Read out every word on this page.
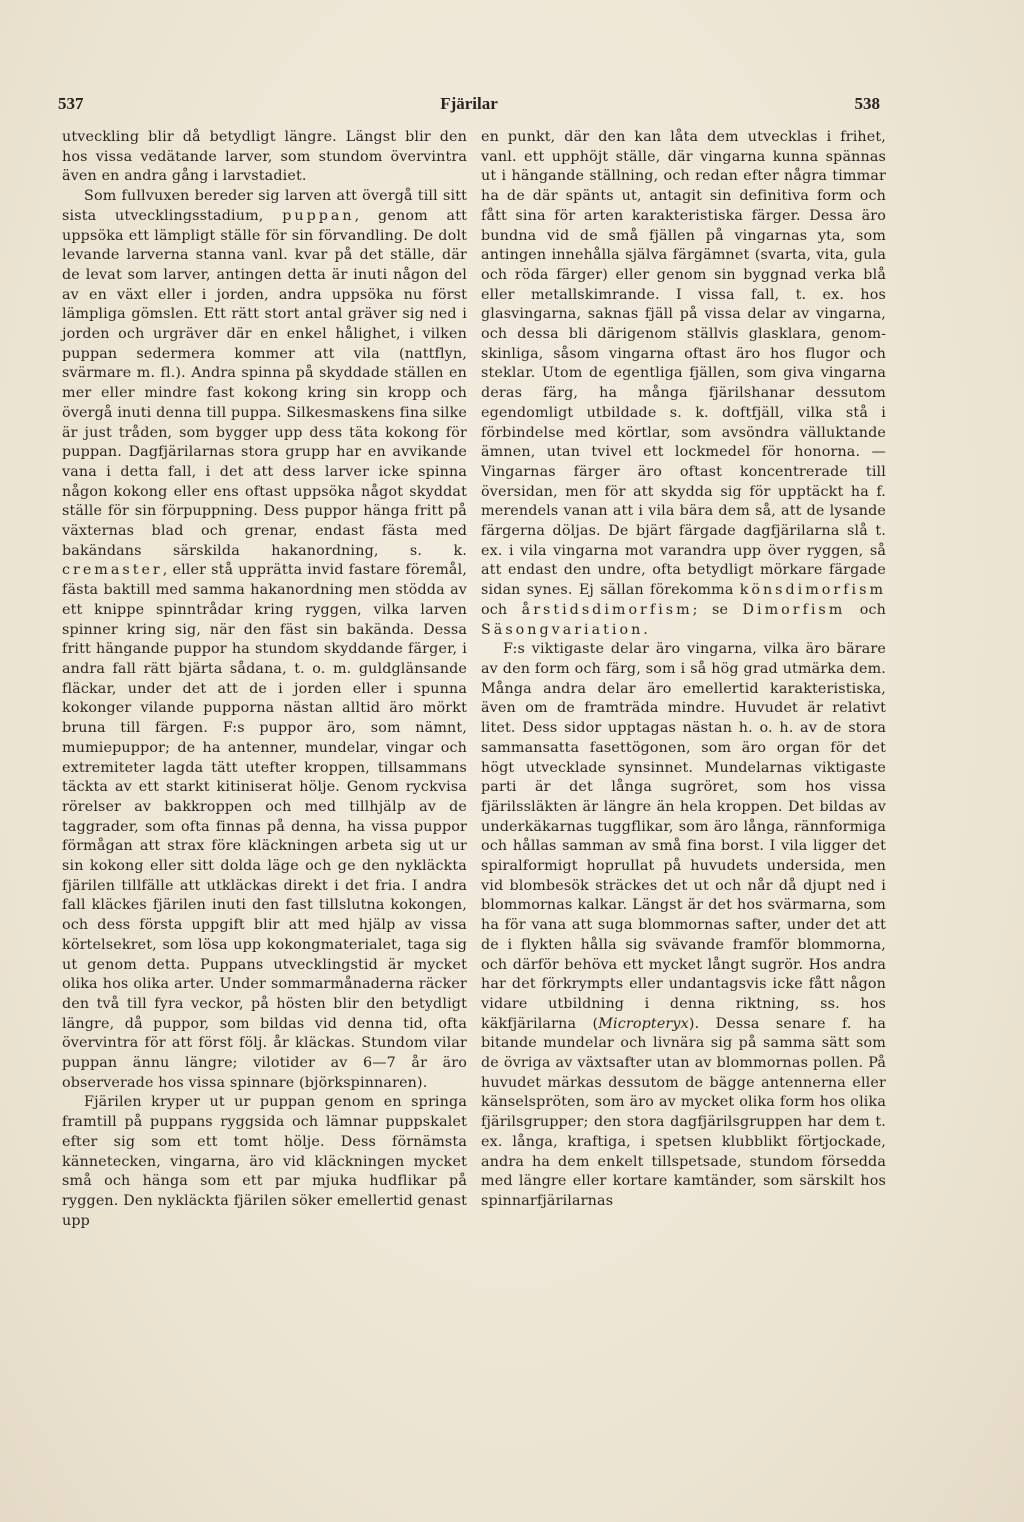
537	Fjärilar	538

utveckling blir då betydligt längre. Längst blir den hos vissa vedätande larver, som stundom övervintra även en andra gång i larvstadiet.

Som fullvuxen bereder sig larven att övergå till sitt sista utvecklingsstadium, puppan, genom att uppsöka ett lämpligt ställe för sin förvandling. De dolt levande larverna stanna vanl. kvar på det ställe, där de levat som larver, antingen detta är inuti någon del av en växt eller i jorden, andra uppsöka nu först lämpliga gömslen. Ett rätt stort antal gräver sig ned i jorden och urgräver där en enkel hålighet, i vilken puppan sedermera kommer att vila (nattflyn, svärmare m. fl.). Andra spinna på skyddade ställen en mer eller mindre fast kokong kring sin kropp och övergå inuti denna till puppa. Silkesmaskens fina silke är just tråden, som bygger upp dess täta kokong för puppan. Dagfjärilarnas stora grupp har en avvikande vana i detta fall, i det att dess larver icke spinna någon kokong eller ens oftast uppsöka något skyddat ställe för sin förpuppning. Dess puppor hänga fritt på växternas blad och grenar, endast fästa med bakändans särskilda hakanordning, s. k. cremaster, eller stå upprätta invid fastare föremål, fästa baktill med samma hakanordning men stödda av ett knippe spinntrådar kring ryggen, vilka larven spinner kring sig, när den fäst sin bakända. Dessa fritt hängande puppor ha stundom skyddande färger, i andra fall rätt bjärta sådana, t. o. m. guldglänsande fläckar, under det att de i jorden eller i spunna kokonger vilande pupporna nästan alltid äro mörkt bruna till färgen. F:s puppor äro, som nämnt, mumiepuppor; de ha antenner, mundelar, vingar och extremiteter lagda tätt utefter kroppen, tillsammans täckta av ett starkt kitiniserat hölje. Genom ryckvisa rörelser av bakkroppen och med tillhjälp av de taggrader, som ofta finnas på denna, ha vissa puppor förmågan att strax före kläckningen arbeta sig ut ur sin kokong eller sitt dolda läge och ge den nykläckta fjärilen tillfälle att utkläckas direkt i det fria. I andra fall kläckes fjärilen inuti den fast tillslutna kokongen, och dess första uppgift blir att med hjälp av vissa körtelsekret, som lösa upp kokongmaterialet, taga sig ut genom detta. Puppans utvecklingstid är mycket olika hos olika arter. Under sommarmånaderna räcker den två till fyra veckor, på hösten blir den betydligt längre, då puppor, som bildas vid denna tid, ofta övervintra för att först följ. år kläckas. Stundom vilar puppan ännu längre; vilotider av 6—7 år äro observerade hos vissa spinnare (björkspinnaren).

Fjärilen kryper ut ur puppan genom en springa framtill på puppans ryggsida och lämnar puppskalet efter sig som ett tomt hölje. Dess förnämsta kännetecken, vingarna, äro vid kläckningen mycket små och hänga som ett par mjuka hudflikar på ryggen. Den nykläckta fjärilen söker emellertid genast upp

en punkt, där den kan låta dem utvecklas i frihet, vanl. ett upphöjt ställe, där vingarna kunna spännas ut i hängande ställning, och redan efter några timmar ha de där spänts ut, antagit sin definitiva form och fått sina för arten karakteristiska färger. Dessa äro bundna vid de små fjällen på vingarnas yta, som antingen innehålla själva färgämnet (svarta, vita, gula och röda färger) eller genom sin byggnad verka blå eller metallskimrande. I vissa fall, t. ex. hos glasvingarna, saknas fjäll på vissa delar av vingarna, och dessa bli därigenom ställvis glasklara, genomskinliga, såsom vingarna oftast äro hos flugor och steklar. Utom de egentliga fjällen, som giva vingarna deras färg, ha många fjärilshanar dessutom egendomligt utbildade s. k. doftfjäll, vilka stå i förbindelse med körtlar, som avsöndra välluktande ämnen, utan tvivel ett lockmedel för honorna. — Vingarnas färger äro oftast koncentrerade till översidan, men för att skydda sig för upptäckt ha f. merendels vanan att i vila bära dem så, att de lysande färgerna döljas. De bjärt färgade dagfjärilarna slå t. ex. i vila vingarna mot varandra upp över ryggen, så att endast den undre, ofta betydligt mörkare färgade sidan synes. Ej sällan förekomma könsdimorfism och årstidsdimorfism; se Dimorfism och Säsongvariation.

F:s viktigaste delar äro vingarna, vilka äro bärare av den form och färg, som i så hög grad utmärka dem. Många andra delar äro emellertid karakteristiska, även om de framträda mindre. Huvudet är relativt litet. Dess sidor upptagas nästan h. o. h. av de stora sammansatta fasettögonen, som äro organ för det högt utvecklade synsinnet. Mundelarnas viktigaste parti är det långa sugröret, som hos vissa fjärilssläkten är längre än hela kroppen. Det bildas av underkäkarnas tuggflikar, som äro långa, rännformiga och hållas samman av små fina borst. I vila ligger det spiralformigt hoprullat på huvudets undersida, men vid blombesök sträckes det ut och når då djupt ned i blommornas kalkar. Längst är det hos svärmarna, som ha för vana att suga blommornas safter, under det att de i flykten hålla sig svävande framför blommorna, och därför behöva ett mycket långt sugrör. Hos andra har det förkrympts eller undantagsvis icke fått någon vidare utbildning i denna riktning, ss. hos käkfjärilarna (Micropteryx). Dessa senare f. ha bitande mundelar och livnära sig på samma sätt som de övriga av växtsafter utan av blommornas pollen. På huvudet märkas dessutom de bägge antennerna eller känselspröten, som äro av mycket olika form hos olika fjärilsgrupper; den stora dagfjärilsgruppen har dem t. ex. långa, kraftiga, i spetsen klubblikt förtjockade, andra ha dem enkelt tillspetsade, stundom försedda med längre eller kortare kamtänder, som särskilt hos spinnarfjärilarnas
